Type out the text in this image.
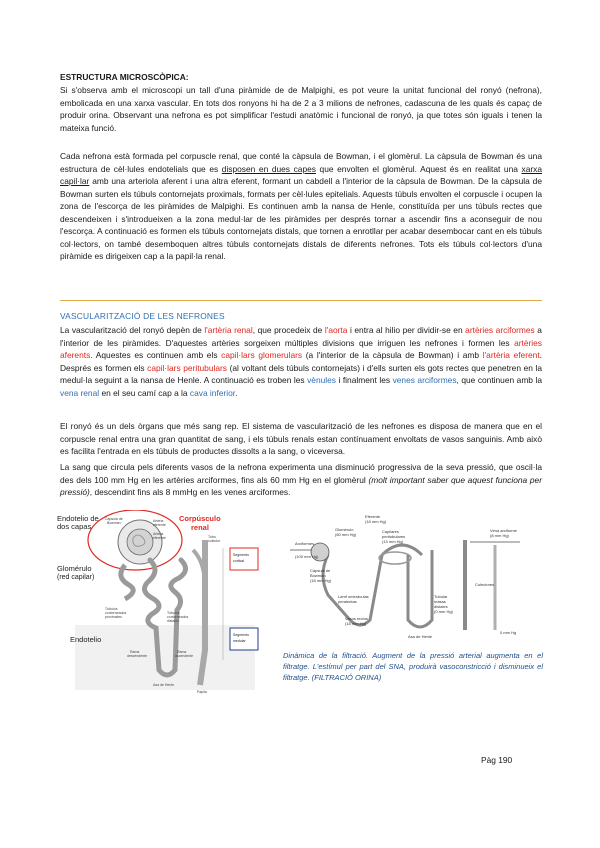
ESTRUCTURA MICROSCÒPICA:

Si s'observa amb el microscopi un tall d'una piràmide de de Malpighi, es pot veure la unitat funcional del ronyó (nefrona), embolicada en una xarxa vascular. En tots dos ronyons hi ha de 2 a 3 milions de nefrones, cadascuna de les quals és capaç de produir orina. Observant una nefrona es pot simplificar l'estudi anatòmic i funcional de ronyó, ja que totes són iguals i tenen la mateixa funció.

Cada nefrona està formada pel corpuscle renal, que conté la càpsula de Bowman, i el glomèrul. La càpsula de Bowman és una estructura de cèl·lules endotelials que es disposen en dues capes que envolten el glomèrul. Aquest és en realitat una xarxa capil·lar amb una arteriola aferent i una altra eferent, formant un cabdell a l'interior de la càpsula de Bowman. De la càpsula de Bowman surten els túbuls contornejats proximals, formats per cèl·lules epitelials. Aquests túbuls envolten el corpuscle i ocupen la zona de l'escorça de les piràmides de Malpighi. Es continuen amb la nansa de Henle, constituïda per uns túbuls rectes que descendeixen i s'introdueixen a la zona medul·lar de les piràmides per després tornar a ascendir fins a aconseguir de nou l'escorça. A continuació es formen els túbuls contornejats distals, que tornen a enrotllar per acabar desembocar cant en els túbuls col·lectors, on també desemboquen altres túbuls contornejats distals de diferents nefrones. Tots els túbuls col·lectors d'una piràmide es dirigeixen cap a la papil·la renal.

VASCULARITZACIÓ DE LES NEFRONES

La vascularització del ronyó depèn de l'artèria renal, que procedeix de l'aorta i entra al hilio per dividir-se en artèries arciformes a l'interior de les piràmides. D'aquestes artèries sorgeixen múltiples divisions que irriguen les nefrones i formen les artèries aferents. Aquestes es continuen amb els capil·lars glomerulars (a l'interior de la càpsula de Bowman) i amb l'artèria eferent. Després es formen els capil·lars peritubulars (al voltant dels túbuls contornejats) i d'ells surten els gots rectes que penetren en la medul·la seguint a la nansa de Henle. A continuació es troben les vènules i finalment les venes arciformes, que continuen amb la vena renal en el seu camí cap a la cava inferior.

El ronyó és un dels òrgans que més sang rep. El sistema de vascularització de les nefrones es disposa de manera que en el corpuscle renal entra una gran quantitat de sang, i els túbuls renals estan contínuament envoltats de vasos sanguinis. Amb això es facilita l'entrada en els túbuls de productes dissolts a la sang, o viceversa.

La sang que circula pels diferents vasos de la nefrona experimenta una disminució progressiva de la seva pressió, que oscil·la des dels 100 mm Hg en les artèries arciformes, fins als 60 mm Hg en el glomèrul (molt important saber que aquest funciona per pressió), descendint fins als 8 mmHg en les venes arciformes.

Endotelio de
dos capas
Corpúsculo
renal
Glomérulo
(red capilar)
Endotelio
Cápsula de
Bowman	Arteria
aferente
Arteria
eferente	Tubo
colector
Túbulos
contorneados
proximales
Túbulos
contorneados
distales
Rama
descendente
Rama
ascendente
Asa de Henle
Papila
Segmento
cortical
Segmento
medular
Eferente
(18 mm Hg)
Glomérulo
(60 mm Hg)
Capilares
peritubulares
(13 mm Hg)
Vena arciforme
(8 mm Hg)
Arciformes
(100 mm Hg)
Cápsula de
Bowman
(18 mm Hg)
Lamf omeráculas
peralentas
Vasos rectos
(18 mm Hg)
Tubular
másas
distales
(0 mm Hg)
Colectores
0 mm Hg
Asa de Henle

Dinàmica de la filtració. Augment de la pressió arterial augmenta en el filtratge. L'estímul per part del SNA, produirà vasoconstricció i disminueix el filtratge. (FILTRACIÓ ORINA)

Pàg 190
